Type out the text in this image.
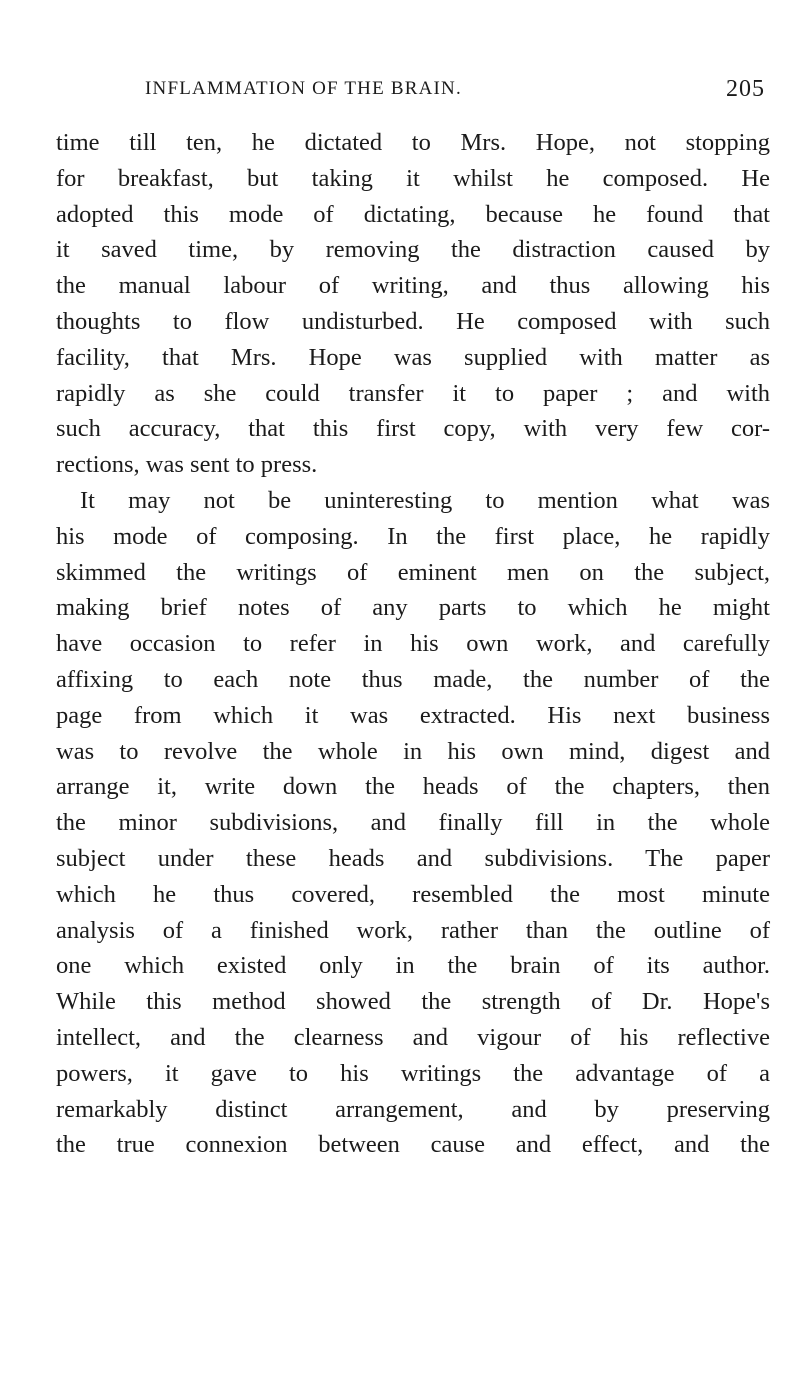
INFLAMMATION OF THE BRAIN.	205
time till ten, he dictated to Mrs. Hope, not stopping
for breakfast, but taking it whilst he composed. He
adopted this mode of dictating, because he found that
it saved time, by removing the distraction caused by
the manual labour of writing, and thus allowing his
thoughts to flow undisturbed. He composed with such
facility, that Mrs. Hope was supplied with matter as
rapidly as she could transfer it to paper ; and with
such accuracy, that this first copy, with very few cor-
rections, was sent to press.
It may not be uninteresting to mention what was
his mode of composing. In the first place, he rapidly
skimmed the writings of eminent men on the subject,
making brief notes of any parts to which he might
have occasion to refer in his own work, and carefully
affixing to each note thus made, the number of the
page from which it was extracted. His next business
was to revolve the whole in his own mind, digest and
arrange it, write down the heads of the chapters, then
the minor subdivisions, and finally fill in the whole
subject under these heads and subdivisions. The paper
which he thus covered, resembled the most minute
analysis of a finished work, rather than the outline of
one which existed only in the brain of its author.
While this method showed the strength of Dr. Hope's
intellect, and the clearness and vigour of his reflective
powers, it gave to his writings the advantage of a
remarkably distinct arrangement, and by preserving
the true connexion between cause and effect, and the
